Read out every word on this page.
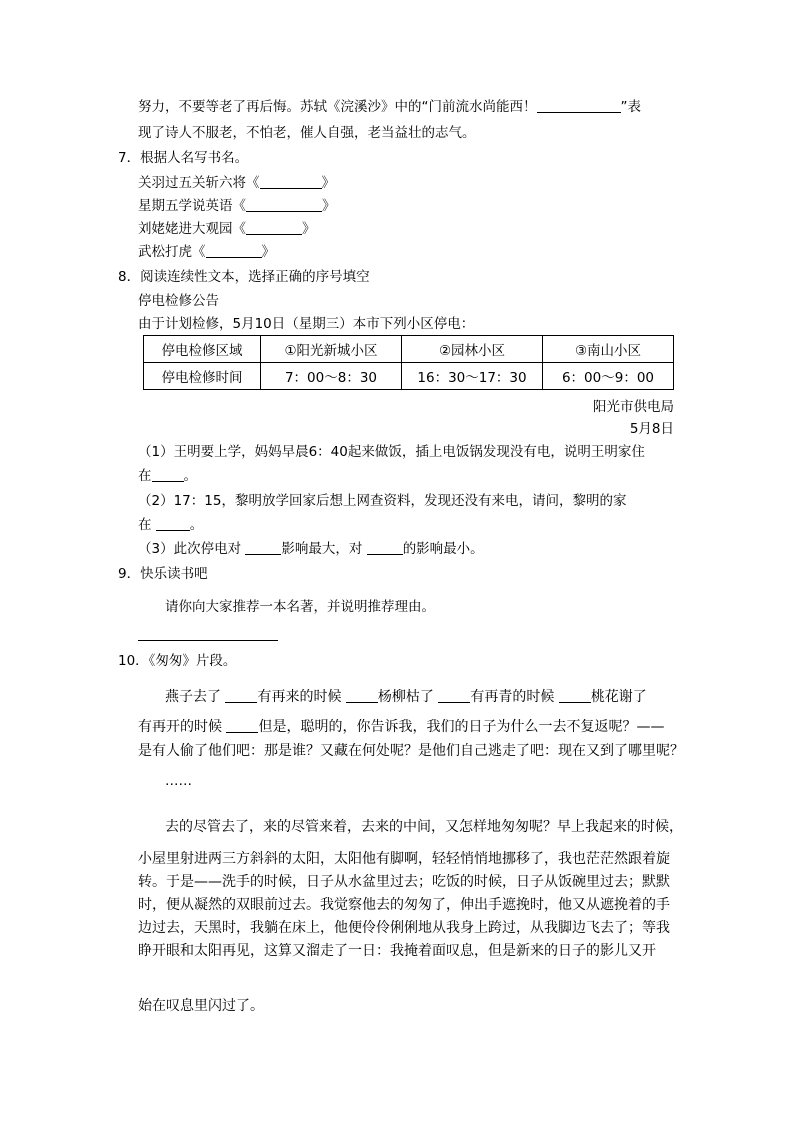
努力，不要等老了再后悔。苏轼《浣溪沙》中的“门前流水尚能西！	”表
现了诗人不服老，不怕老，催人自强，老当益壮的志气。
7．根据人名写书名。
关羽过五关斩六将《	》
星期五学说英语《	》
刘姥姥进大观园《	》
武松打虎《	》
8．阅读连续性文本，选择正确的序号填空
停电检修公告
由于计划检修，5月10日（星期三）本市下列小区停电：
停电检修区域	①阳光新城小区	②园林小区	③南山小区
停电检修时间	7：00～8：30	16：30～17：30	6：00～9：00
阳光市供电局
5月8日
（1）王明要上学，妈妈早晨6：40起来做饭，插上电饭锅发现没有电，说明王明家住
在 。
（2）17：15，黎明放学回家后想上网查资料，发现还没有来电，请问，黎明的家
在	。
（3）此次停电对	影响最大，对	的影响最小。
9．快乐读书吧
请你向大家推荐一本名著，并说明推荐理由。
10．《匆匆》片段。
燕子去了 有再来的时候 杨柳枯了 有再青的时候 桃花谢了
有再开的时候 但是，聪明的，你告诉我，我们的日子为什么一去不复返呢？——
是有人偷了他们吧：那是谁？又藏在何处呢？是他们自己逃走了吧：现在又到了哪里呢？
……
去的尽管去了，来的尽管来着，去来的中间，又怎样地匆匆呢？早上我起来的时候，
小屋里射进两三方斜斜的太阳，太阳他有脚啊，轻轻悄悄地挪移了，我也茫茫然跟着旋
转。于是——洗手的时候，日子从水盆里过去；吃饭的时候，日子从饭碗里过去；默默
时，便从凝然的双眼前过去。我觉察他去的匆匆了，伸出手遮挽时，他又从遮挽着的手
边过去，天黑时，我躺在床上，他便伶伶俐俐地从我身上跨过，从我脚边飞去了；等我
睁开眼和太阳再见，这算又溜走了一日：我掩着面叹息，但是新来的日子的影儿又开
始在叹息里闪过了。
